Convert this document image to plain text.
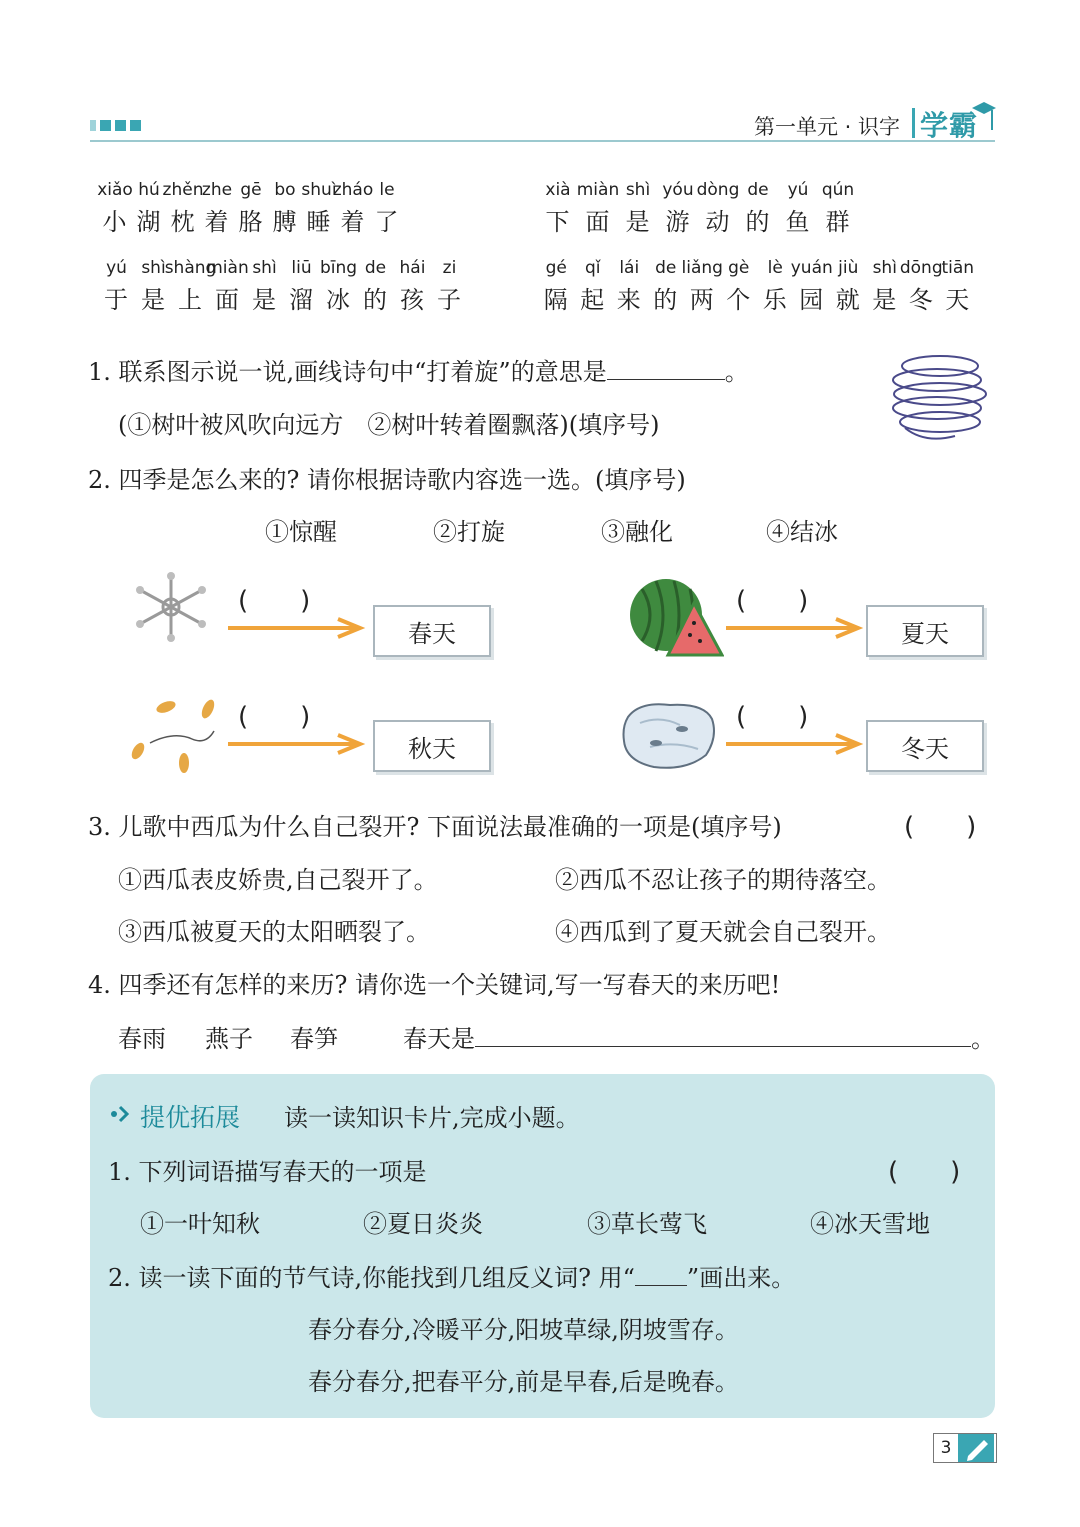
第一单元 · 识字 学霸
xiǎo
小
hú
湖
zhěn
枕
zhe
着
gē
胳
bo
膊
shuì
睡
zháo
着
le
了
xià
下
miàn
面
shì
是
yóu
游
dòng
动
de
的
yú
鱼
qún
群
yú
于
shì
是
shàng
上
miàn
面
shì
是
liū
溜
bīng
冰
de
的
hái
孩
zi
子
gé
隔
qǐ
起
lái
来
de
的
liǎng
两
gè
个
lè
乐
yuán
园
jiù
就
shì
是
dōng
冬
tiān
天
1. 联系图示说一说,画线诗句中“打着旋”的意思是	。
(①树叶被风吹向远方　②树叶转着圈飘落)(填序号)
2. 四季是怎么来的? 请你根据诗歌内容选一选。(填序号)
①惊醒	②打旋	③融化	④结冰
(　　)
春天
(　　)
夏天
(　　)
秋天
(　　)
冬天
3. 儿歌中西瓜为什么自己裂开? 下面说法最准确的一项是(填序号)	(　　)
①西瓜表皮娇贵,自己裂开了。	②西瓜不忍让孩子的期待落空。
③西瓜被夏天的太阳晒裂了。	④西瓜到了夏天就会自己裂开。
4. 四季还有怎样的来历? 请你选一个关键词,写一写春天的来历吧!
春雨 燕子 春笋	春天是	。
提优拓展 读一读知识卡片,完成小题。
1. 下列词语描写春天的一项是	(　　)
①一叶知秋	②夏日炎炎	③草长莺飞	④冰天雪地
2. 读一读下面的节气诗,你能找到几组反义词? 用“ ”画出来。
春分春分,冷暖平分,阳坡草绿,阴坡雪存。
春分春分,把春平分,前是早春,后是晚春。
3
